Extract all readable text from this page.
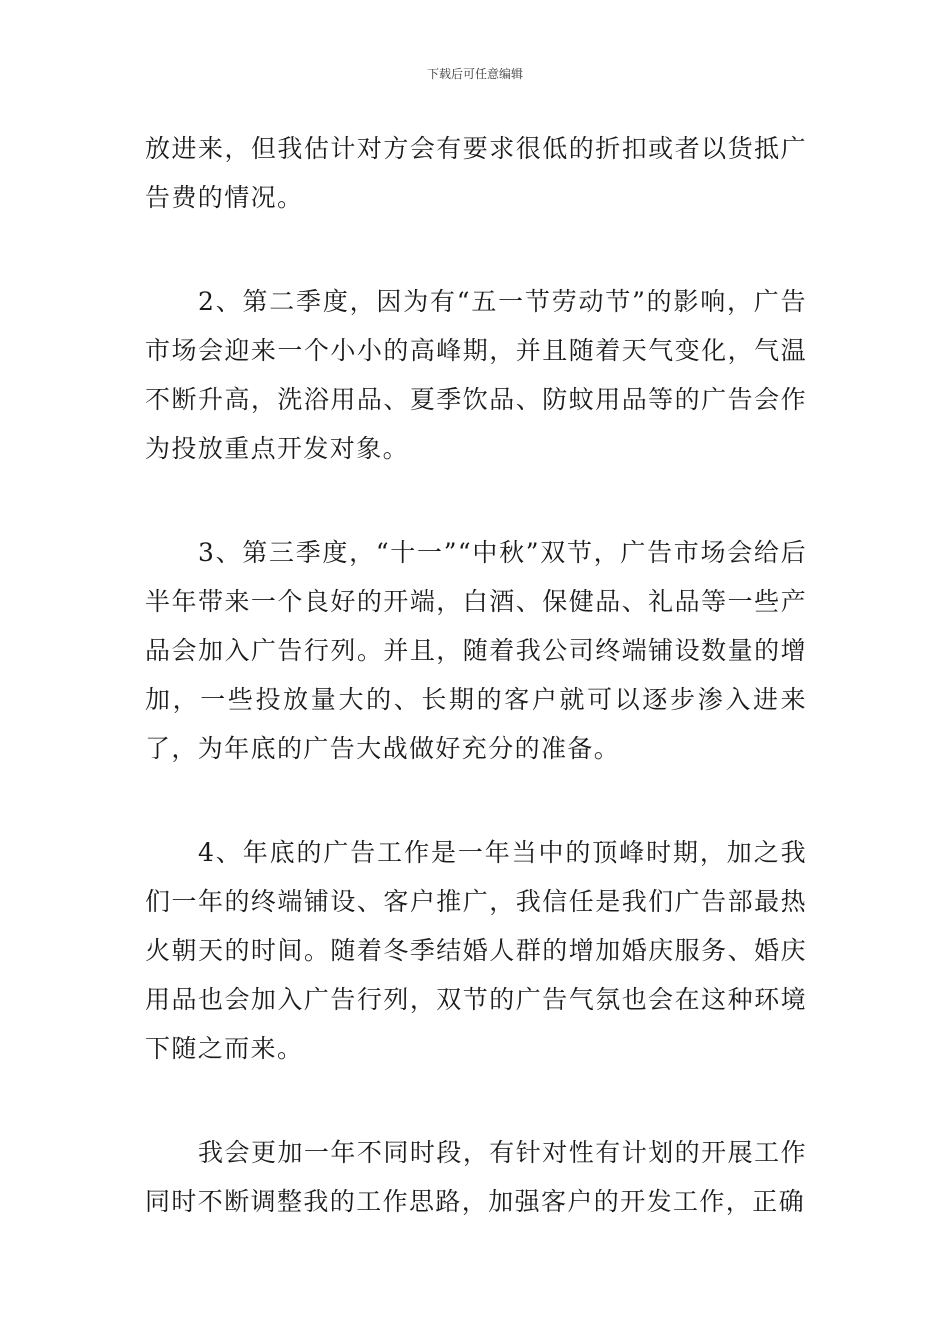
下载后可任意编辑

放进来，但我估计对方会有要求很低的折扣或者以货抵广告费的情况。

2、第二季度，因为有“五一节劳动节”的影响，广告市场会迎来一个小小的高峰期，并且随着天气变化，气温不断升高，洗浴用品、夏季饮品、防蚊用品等的广告会作为投放重点开发对象。

3、第三季度，“十一”“中秋”双节，广告市场会给后半年带来一个良好的开端，白酒、保健品、礼品等一些产品会加入广告行列。并且，随着我公司终端铺设数量的增加，一些投放量大的、长期的客户就可以逐步渗入进来了，为年底的广告大战做好充分的准备。

4、年底的广告工作是一年当中的顶峰时期，加之我们一年的终端铺设、客户推广，我信任是我们广告部最热火朝天的时间。随着冬季结婚人群的增加婚庆服务、婚庆用品也会加入广告行列，双节的广告气氛也会在这种环境下随之而来。

我会更加一年不同时段，有针对性有计划的开展工作同时不断调整我的工作思路，加强客户的开发工作，正确
